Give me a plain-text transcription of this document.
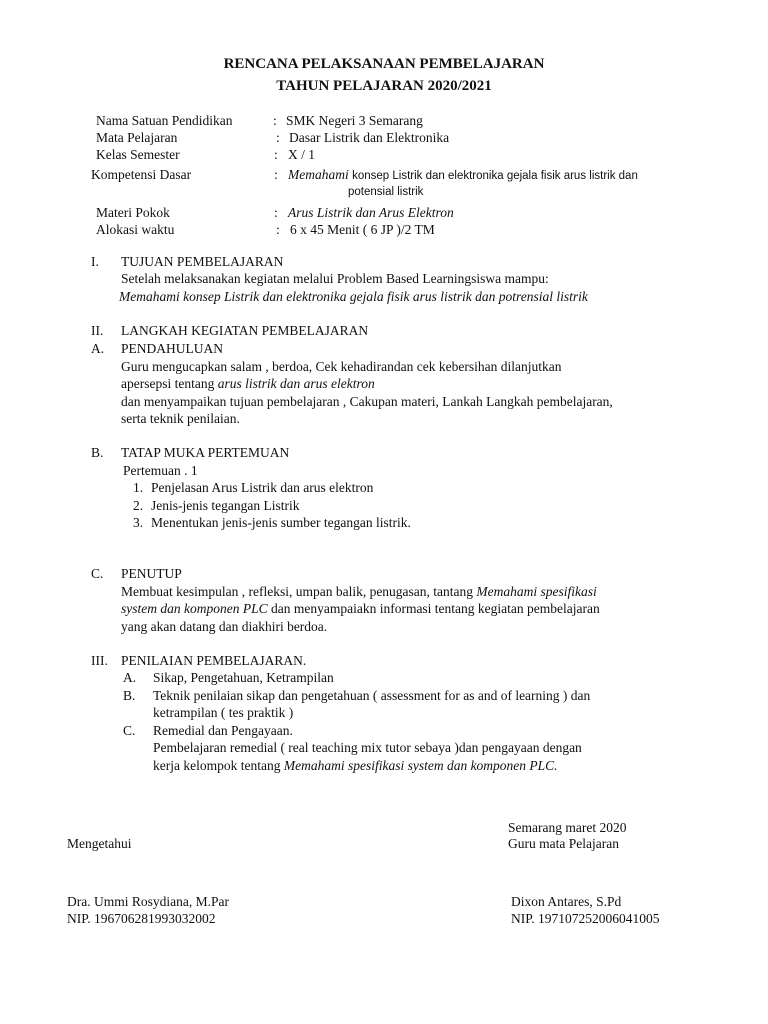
RENCANA PELAKSANAAN PEMBELAJARAN
TAHUN PELAJARAN 2020/2021
Nama Satuan Pendidikan	: SMK Negeri 3 Semarang
Mata Pelajaran	: Dasar Listrik dan Elektronika
Kelas Semester	: X / 1
Kompetensi Dasar	: Memahami konsep Listrik dan elektronika gejala fisik arus listrik dan
potensial listrik
Materi Pokok	: Arus Listrik dan Arus Elektron
Alokasi waktu	: 6 x 45 Menit ( 6 JP )/2 TM
I. TUJUAN PEMBELAJARAN
Setelah melaksanakan kegiatan melalui Problem Based Learningsiswa mampu:
Memahami konsep Listrik dan elektronika gejala fisik arus listrik dan potrensial listrik
II. LANGKAH KEGIATAN PEMBELAJARAN
A. PENDAHULUAN
Guru mengucapkan salam , berdoa, Cek kehadirandan cek kebersihan dilanjutkan
apersepsi tentang arus listrik dan arus elektron
dan menyampaikan tujuan pembelajaran , Cakupan materi, Lankah Langkah pembelajaran,
serta teknik penilaian.
B. TATAP MUKA PERTEMUAN
Pertemuan . 1
1. Penjelasan Arus Listrik dan arus elektron
2. Jenis-jenis tegangan Listrik
3. Menentukan jenis-jenis sumber tegangan listrik.
C. PENUTUP
Membuat kesimpulan , refleksi, umpan balik, penugasan, tantang Memahami spesifikasi
system dan komponen PLC dan menyampaiakn informasi tentang kegiatan pembelajaran
yang akan datang dan diakhiri berdoa.
III. PENILAIAN PEMBELAJARAN.
A. Sikap, Pengetahuan, Ketrampilan
B. Teknik penilaian sikap dan pengetahuan ( assessment for as and of learning ) dan
ketrampilan ( tes praktik )
C. Remedial dan Pengayaan.
Pembelajaran remedial ( real teaching mix tutor sebaya )dan pengayaan dengan
kerja kelompok tentang Memahami spesifikasi system dan komponen PLC.
Semarang maret 2020
Mengetahui	Guru mata Pelajaran
Dra. Ummi Rosydiana, M.Par
NIP. 196706281993032002
Dixon Antares, S.Pd
NIP. 197107252006041005
